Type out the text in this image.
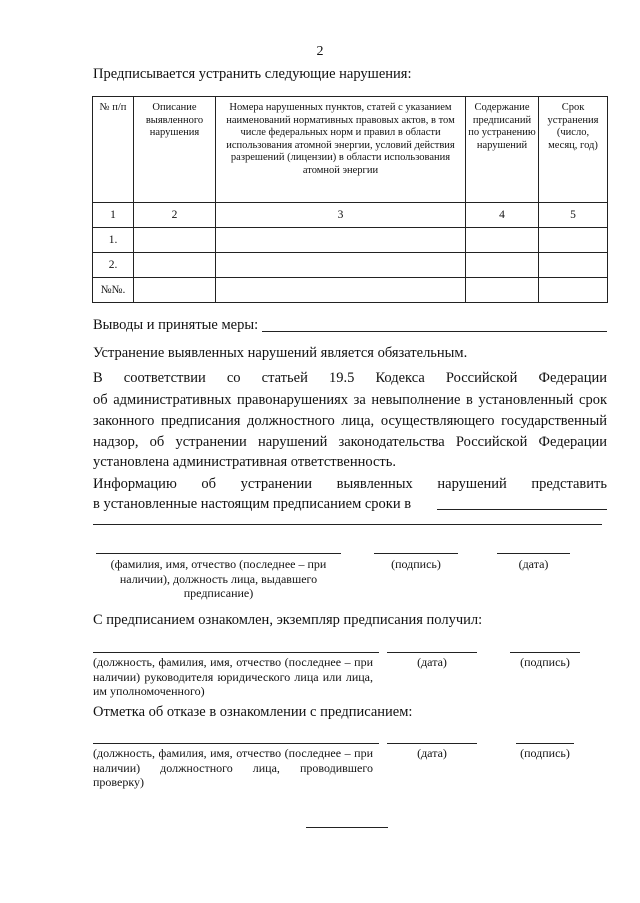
2
Предписывается устранить следующие нарушения:
№ п/п	Описание выявленного нарушения	Номера нарушенных пунктов, статей с указанием наименований нормативных правовых актов, в том числе федеральных норм и правил в области использования атомной энергии, условий действия разрешений (лицензии) в области использования атомной энергии	Содержание предписаний по устранению нарушений	Срок устранения (число, месяц, год)
1	2	3	4	5
1.				
2.				
№№.				
Выводы и принятые меры:
Устранение выявленных нарушений является обязательным.
В соответствии со статьей 19.5 Кодекса Российской Федерации
об административных правонарушениях за невыполнение в установленный срок
законного предписания должностного лица, осуществляющего государственный
надзор, об устранении нарушений законодательства Российской Федерации
установлена административная ответственность.
Информацию об устранении выявленных нарушений представить
в установленные настоящим предписанием сроки в
(фамилия, имя, отчество (последнее – при наличии), должность лица, выдавшего предписание)
(подпись)	(дата)
С предписанием ознакомлен, экземпляр предписания получил:
(должность, фамилия, имя, отчество (последнее – при наличии) руководителя юридического лица или лица, им уполномоченного)
(дата)	(подпись)
Отметка об отказе в ознакомлении с предписанием:
(должность, фамилия, имя, отчество (последнее – при наличии) должностного лица, проводившего проверку)
(дата)	(подпись)
